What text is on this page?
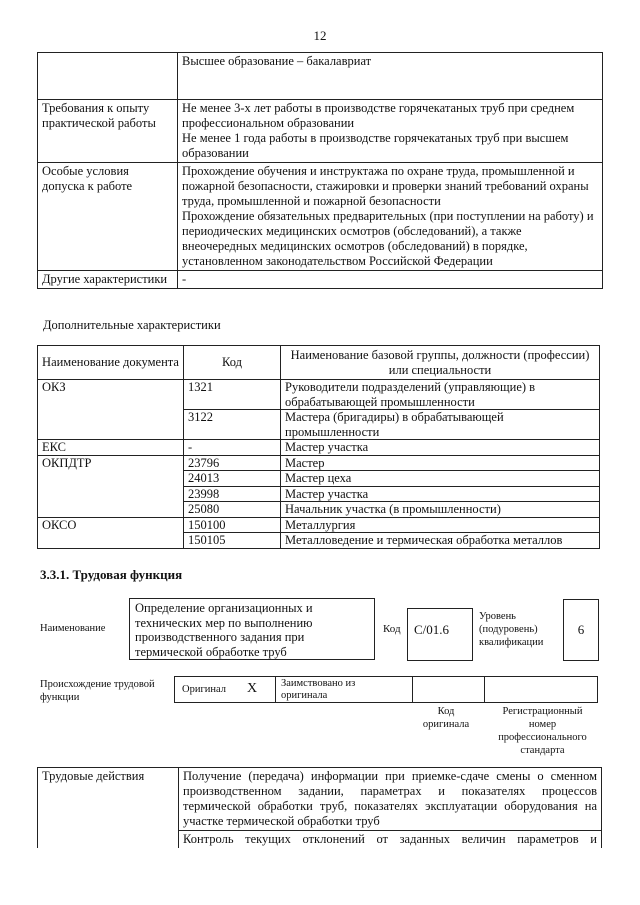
12
	Высшее образование – бакалавриат
Требования к опыту практической работы	Не менее 3-х лет работы в производстве горячекатаных труб при среднем профессиональном образовании
Не менее 1 года работы в производстве горячекатаных труб при высшем образовании

Особые условия допуска к работе	Прохождение обучения и инструктажа по охране труда, промышленной и пожарной безопасности, стажировки и проверки знаний требований охраны труда, промышленной и пожарной безопасности
Прохождение обязательных предварительных (при поступлении на работу) и периодических медицинских осмотров (обследований), а также внеочередных медицинских осмотров (обследований) в порядке, установленном законодательством Российской Федерации

Другие характеристики	-
Дополнительные характеристики
Наименование документа	Код	Наименование базовой группы, должности (профессии) или специальности
ОКЗ	1321	Руководители подразделений (управляющие) в обрабатывающей промышленности
	3122	Мастера (бригадиры) в обрабатывающей промышленности
ЕКС	-	Мастер участка
ОКПДТР	23796	Мастер
	24013	Мастер цеха
	23998	Мастер участка
	25080	Начальник участка (в промышленности)
ОКСО	150100	Металлургия
	150105	Металловедение и термическая обработка металлов
3.3.1. Трудовая функция
Наименование
Определение организационных и технических мер по выполнению производственного задания при термической обработке труб
Код	C/01.6
Уровень (подуровень) квалификации
6
Происхождение трудовой функции
Оригинал X Заимствовано из оригинала
Код оригинала
Регистрационный номер профессионального стандарта
Трудовые действия	Получение (передача) информации при приемке-сдаче смены о сменном производственном задании, параметрах и показателях процессов термической обработки труб, показателях эксплуатации оборудования на участке термической обработки труб
Контроль текущих отклонений от заданных величин параметров и
